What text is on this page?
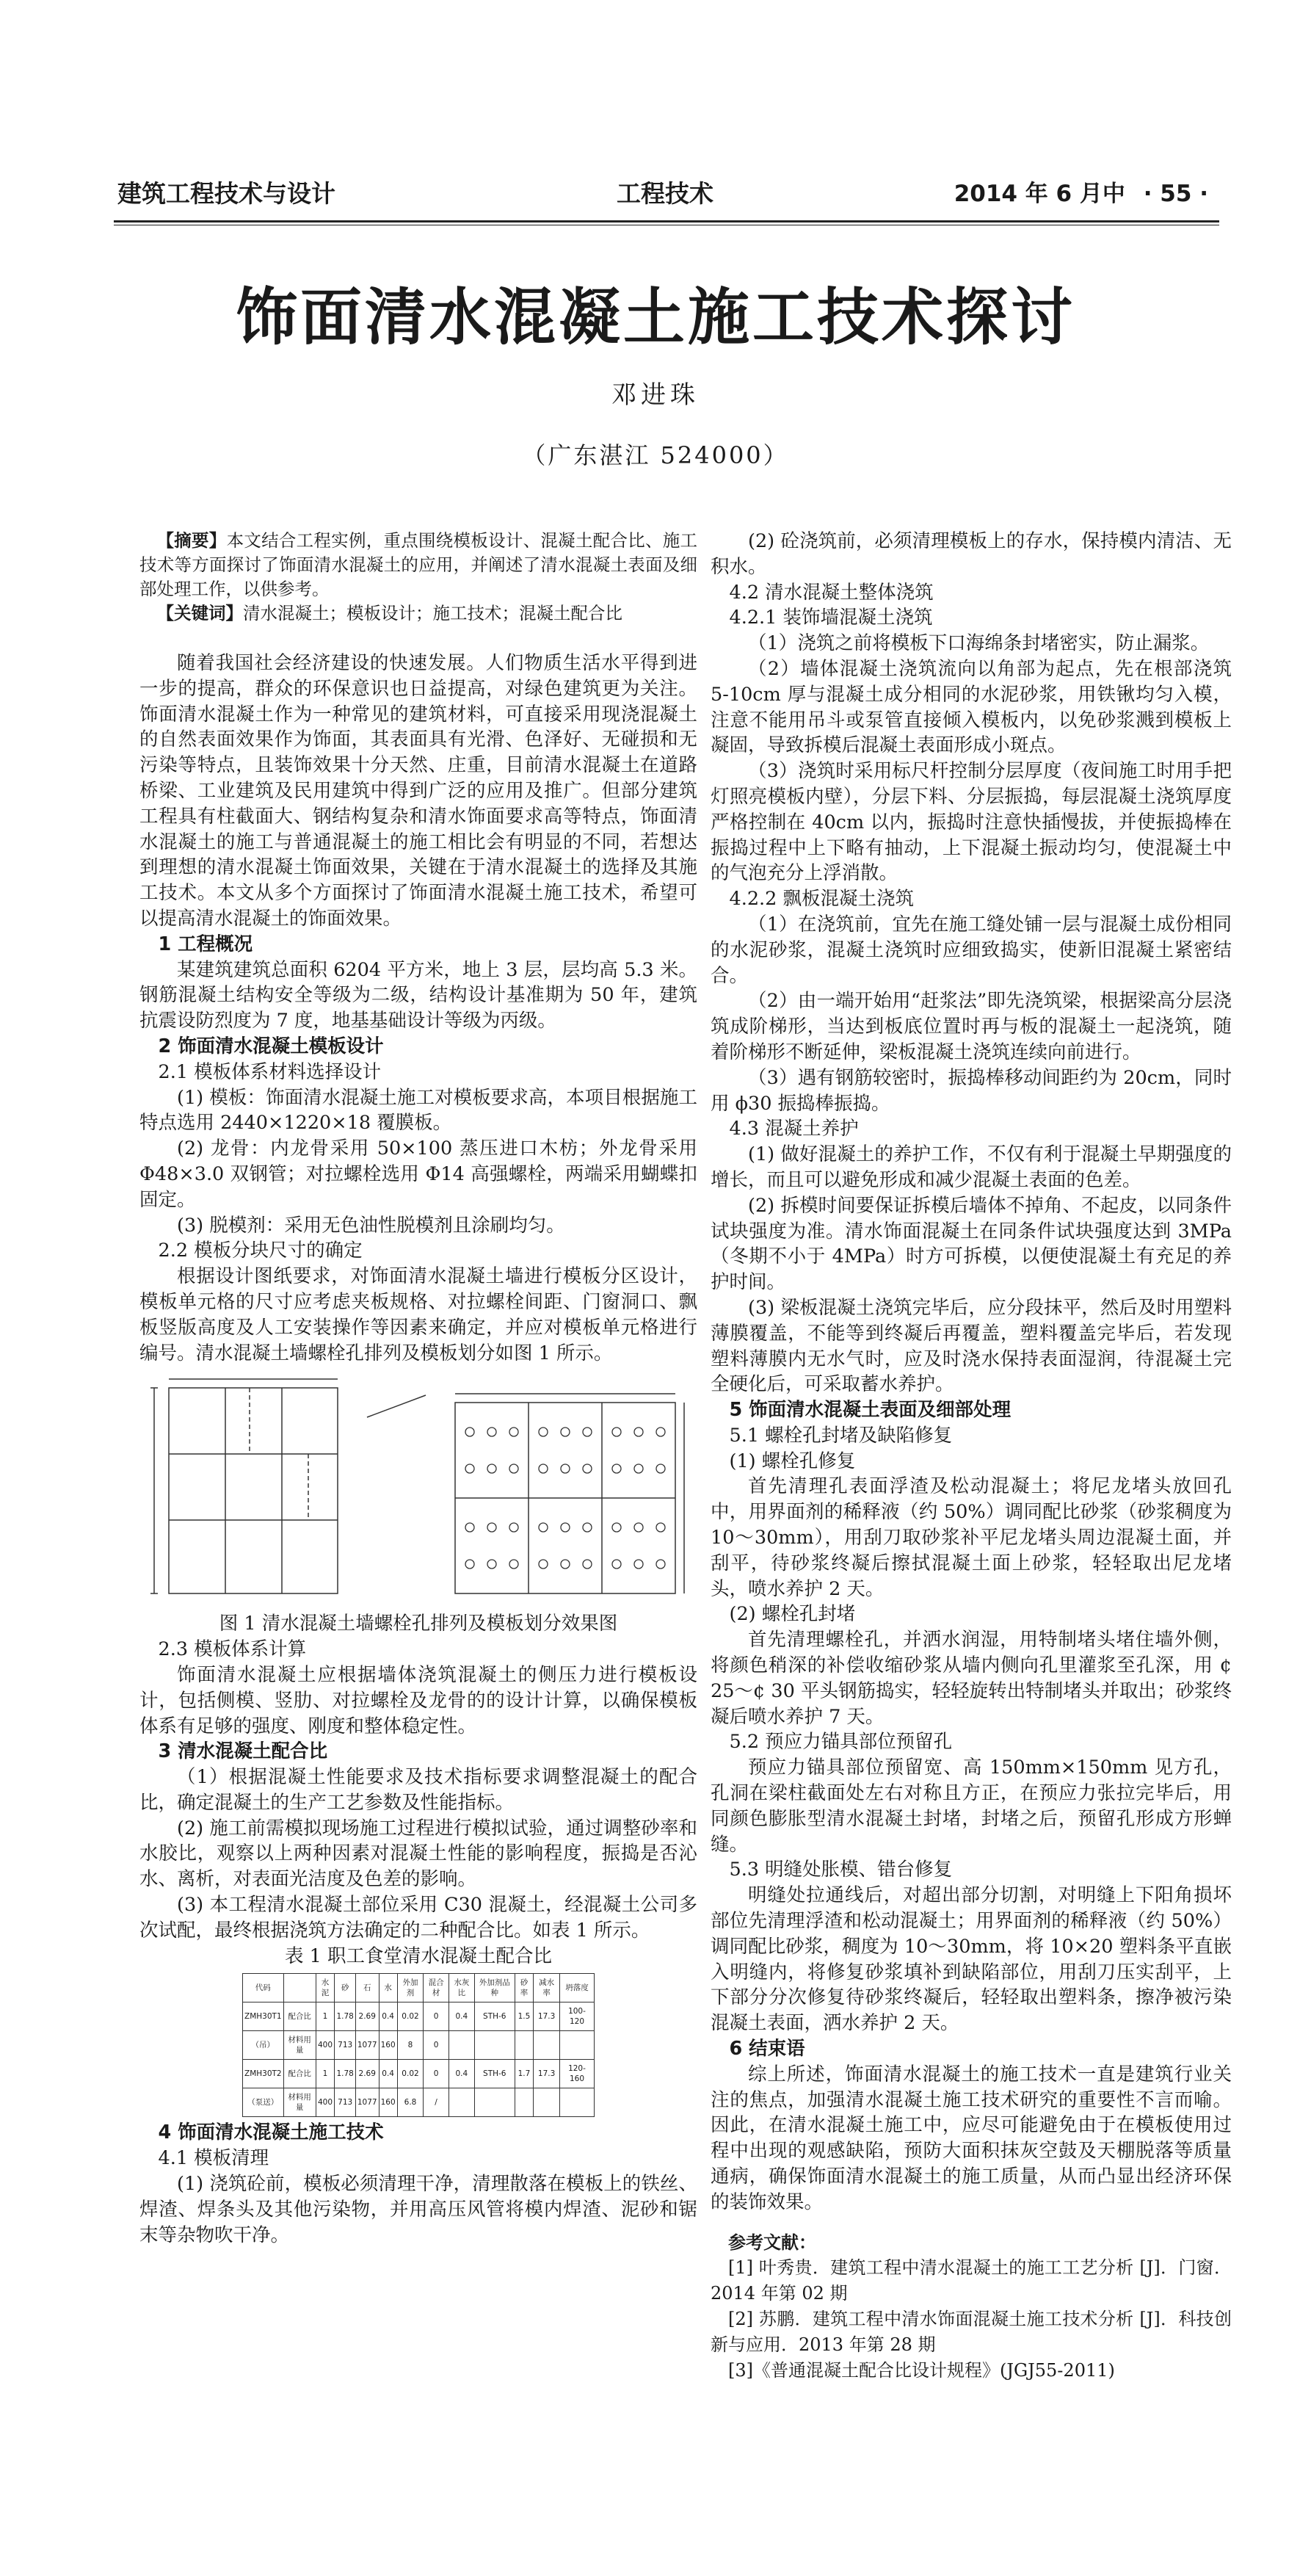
建筑工程技术与设计	工程技术	2014 年 6 月中 · 55 ·
饰面清水混凝土施工技术探讨
邓进珠
（广东湛江 524000）

【摘要】本文结合工程实例，重点围绕模板设计、混凝土配合比、施工技术等方面探讨了饰面清水混凝土的应用，并阐述了清水混凝土表面及细部处理工作，以供参考。

【关键词】清水混凝土；模板设计；施工技术；混凝土配合比

随着我国社会经济建设的快速发展。人们物质生活水平得到进一步的提高，群众的环保意识也日益提高，对绿色建筑更为关注。饰面清水混凝土作为一种常见的建筑材料，可直接采用现浇混凝土的自然表面效果作为饰面，其表面具有光滑、色泽好、无碰损和无污染等特点，且装饰效果十分天然、庄重，目前清水混凝土在道路桥梁、工业建筑及民用建筑中得到广泛的应用及推广。但部分建筑工程具有柱截面大、钢结构复杂和清水饰面要求高等特点，饰面清水混凝土的施工与普通混凝土的施工相比会有明显的不同，若想达到理想的清水混凝土饰面效果，关键在于清水混凝土的选择及其施工技术。本文从多个方面探讨了饰面清水混凝土施工技术，希望可以提高清水混凝土的饰面效果。

1 工程概况

某建筑建筑总面积 6204 平方米，地上 3 层，层均高 5.3 米。钢筋混凝土结构安全等级为二级，结构设计基准期为 50 年，建筑抗震设防烈度为 7 度，地基基础设计等级为丙级。

2 饰面清水混凝土模板设计

2.1 模板体系材料选择设计

(1) 模板：饰面清水混凝土施工对模板要求高，本项目根据施工特点选用 2440×1220×18 覆膜板。

(2) 龙骨：内龙骨采用 50×100 蒸压进口木枋；外龙骨采用 Φ48×3.0 双钢管；对拉螺栓选用 Φ14 高强螺栓，两端采用蝴蝶扣固定。

(3) 脱模剂：采用无色油性脱模剂且涂刷均匀。

2.2 模板分块尺寸的确定

根据设计图纸要求，对饰面清水混凝土墙进行模板分区设计，模板单元格的尺寸应考虑夹板规格、对拉螺栓间距、门窗洞口、飘板竖版高度及人工安装操作等因素来确定，并应对模板单元格进行编号。清水混凝土墙螺栓孔排列及模板划分如图 1 所示。

图 1 清水混凝土墙螺栓孔排列及模板划分效果图

2.3 模板体系计算

饰面清水混凝土应根据墙体浇筑混凝土的侧压力进行模板设计，包括侧模、竖肋、对拉螺栓及龙骨的的设计计算，以确保模板体系有足够的强度、刚度和整体稳定性。

3 清水混凝土配合比

（1）根据混凝土性能要求及技术指标要求调整混凝土的配合比，确定混凝土的生产工艺参数及性能指标。

(2) 施工前需模拟现场施工过程进行模拟试验，通过调整砂率和水胶比，观察以上两种因素对混凝土性能的影响程度，振捣是否沁水、离析，对表面光洁度及色差的影响。

(3) 本工程清水混凝土部位采用 C30 混凝土，经混凝土公司多次试配，最终根据浇筑方法确定的二种配合比。如表 1 所示。

表 1 职工食堂清水混凝土配合比

代码		水泥	砂	石	水	外加剂	混合材	水灰比	外加剂品种	砂率	减水率	坍落度
ZMH30T1	配合比	1	1.78	2.69	0.4	0.02	0	0.4	STH-6	1.5	17.3	100-120
（吊）	材料用量	400	713	1077	160	8	0					
ZMH30T2	配合比	1	1.78	2.69	0.4	0.02	0	0.4	STH-6	1.7	17.3	120-160
（泵送）	材料用量	400	713	1077	160	6.8	/					

4 饰面清水混凝土施工技术

4.1 模板清理

(1) 浇筑砼前，模板必须清理干净，清理散落在模板上的铁丝、焊渣、焊条头及其他污染物，并用高压风管将模内焊渣、泥砂和锯末等杂物吹干净。

(2) 砼浇筑前，必须清理模板上的存水，保持模内清洁、无积水。

4.2 清水混凝土整体浇筑

4.2.1 装饰墙混凝土浇筑

（1）浇筑之前将模板下口海绵条封堵密实，防止漏浆。

（2）墙体混凝土浇筑流向以角部为起点，先在根部浇筑 5-10cm 厚与混凝土成分相同的水泥砂浆，用铁锹均匀入模，注意不能用吊斗或泵管直接倾入模板内，以免砂浆溅到模板上凝固，导致拆模后混凝土表面形成小斑点。

（3）浇筑时采用标尺杆控制分层厚度（夜间施工时用手把灯照亮模板内壁），分层下料、分层振捣，每层混凝土浇筑厚度严格控制在 40cm 以内，振捣时注意快插慢拔，并使振捣棒在振捣过程中上下略有抽动，上下混凝土振动均匀，使混凝土中的气泡充分上浮消散。

4.2.2 飘板混凝土浇筑

（1）在浇筑前，宜先在施工缝处铺一层与混凝土成份相同的水泥砂浆，混凝土浇筑时应细致捣实，使新旧混凝土紧密结合。

（2）由一端开始用“赶浆法”即先浇筑梁，根据梁高分层浇筑成阶梯形，当达到板底位置时再与板的混凝土一起浇筑，随着阶梯形不断延伸，梁板混凝土浇筑连续向前进行。

（3）遇有钢筋较密时，振捣棒移动间距约为 20cm，同时用 ϕ30 振捣棒振捣。

4.3 混凝土养护

(1) 做好混凝土的养护工作，不仅有利于混凝土早期强度的增长，而且可以避免形成和减少混凝土表面的色差。

(2) 拆模时间要保证拆模后墙体不掉角、不起皮，以同条件试块强度为准。清水饰面混凝土在同条件试块强度达到 3MPa（冬期不小于 4MPa）时方可拆模，以便使混凝土有充足的养护时间。

(3) 梁板混凝土浇筑完毕后，应分段抹平，然后及时用塑料薄膜覆盖，不能等到终凝后再覆盖，塑料覆盖完毕后，若发现塑料薄膜内无水气时，应及时浇水保持表面湿润，待混凝土完全硬化后，可采取蓄水养护。

5 饰面清水混凝土表面及细部处理

5.1 螺栓孔封堵及缺陷修复

(1) 螺栓孔修复

首先清理孔表面浮渣及松动混凝土；将尼龙堵头放回孔中，用界面剂的稀释液（约 50%）调同配比砂浆（砂浆稠度为 10～30mm），用刮刀取砂浆补平尼龙堵头周边混凝土面，并刮平，待砂浆终凝后擦拭混凝土面上砂浆，轻轻取出尼龙堵头，喷水养护 2 天。

(2) 螺栓孔封堵

首先清理螺栓孔，并洒水润湿，用特制堵头堵住墙外侧，将颜色稍深的补偿收缩砂浆从墙内侧向孔里灌浆至孔深，用 ¢ 25～¢ 30 平头钢筋捣实，轻轻旋转出特制堵头并取出；砂浆终凝后喷水养护 7 天。

5.2 预应力锚具部位预留孔

预应力锚具部位预留宽、高 150mm×150mm 见方孔，孔洞在梁柱截面处左右对称且方正，在预应力张拉完毕后，用同颜色膨胀型清水混凝土封堵，封堵之后，预留孔形成方形蝉缝。

5.3 明缝处胀模、错台修复

明缝处拉通线后，对超出部分切割，对明缝上下阳角损坏部位先清理浮渣和松动混凝土；用界面剂的稀释液（约 50%）调同配比砂浆，稠度为 10～30mm，将 10×20 塑料条平直嵌入明缝内，将修复砂浆填补到缺陷部位，用刮刀压实刮平，上下部分分次修复待砂浆终凝后，轻轻取出塑料条，擦净被污染混凝土表面，洒水养护 2 天。

6 结束语

综上所述，饰面清水混凝土的施工技术一直是建筑行业关注的焦点，加强清水混凝土施工技术研究的重要性不言而喻。因此，在清水混凝土施工中，应尽可能避免由于在模板使用过程中出现的观感缺陷，预防大面积抹灰空鼓及天棚脱落等质量通病，确保饰面清水混凝土的施工质量，从而凸显出经济环保的装饰效果。

参考文献：

[1] 叶秀贵．建筑工程中清水混凝土的施工工艺分析 [J]．门窗．2014 年第 02 期

[2] 苏鹏．建筑工程中清水饰面混凝土施工技术分析 [J]．科技创新与应用．2013 年第 28 期

[3]《普通混凝土配合比设计规程》(JGJ55-2011)
